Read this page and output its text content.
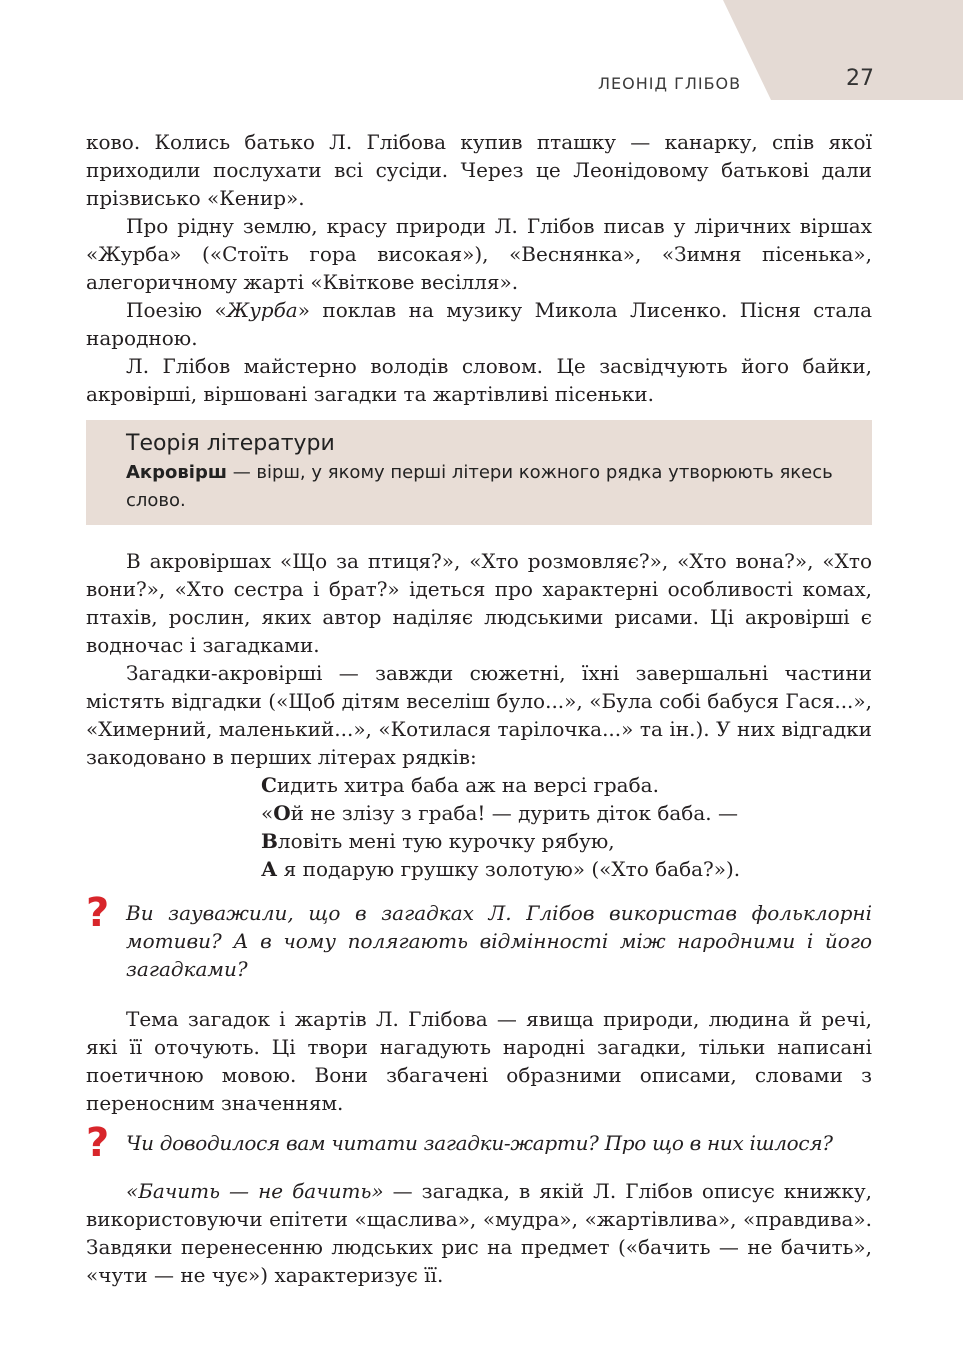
ЛЕОНІД ГЛІБОВ	27

ково. Колись батько Л. Глібова купив пташку — канарку, спів якої приходили послухати всі сусіди. Через це Леонідовому батькові дали прізвисько «Кенир».

Про рідну землю, красу природи Л. Глібов писав у ліричних віршах «Журба» («Стоїть гора високая»), «Веснянка», «Зимня пісенька», алегоричному жарті «Квіткове весілля».

Поезію «Журба» поклав на музику Микола Лисенко. Пісня стала народною.

Л. Глібов майстерно володів словом. Це засвідчують його байки, акровірші, віршовані загадки та жартівливі пісеньки.

Теорія літератури
Акровірш — вірш, у якому перші літери кожного рядка утворюють якесь слово.

В акровіршах «Що за птиця?», «Хто розмовляє?», «Хто вона?», «Хто вони?», «Хто сестра і брат?» ідеться про характерні особливості комах, птахів, рослин, яких автор наділяє людськими рисами. Ці акровірші є водночас і загадками.

Загадки-акровірші — завжди сюжетні, їхні завершальні частини містять відгадки («Щоб дітям веселіш було...», «Була собі бабуся Гася...», «Химерний, маленький...», «Котилася тарілочка...» та ін.). У них відгадки закодовано в перших літерах рядків:

Сидить хитра баба аж на версі граба.
«Ой не злізу з граба! — дурить діток баба. —
Вловіть мені тую курочку рябую,
А я подарую грушку золотую» («Хто баба?»).
? Ви зауважили, що в загадках Л. Глібов використав фольклорні мотиви? А в чому полягають відмінності між народними і його загадками?

Тема загадок і жартів Л. Глібова — явища природи, людина й речі, які її оточують. Ці твори нагадують народні загадки, тільки написані поетичною мовою. Вони збагачені образними описами, словами з переносним значенням.

? Чи доводилося вам читати загадки-жарти? Про що в них ішлося?

«Бачить — не бачить» — загадка, в якій Л. Глібов описує книжку, використовуючи епітети «щаслива», «мудра», «жартівлива», «правдива». Завдяки перенесенню людських рис на предмет («бачить — не бачить», «чути — не чує») характеризує її.
